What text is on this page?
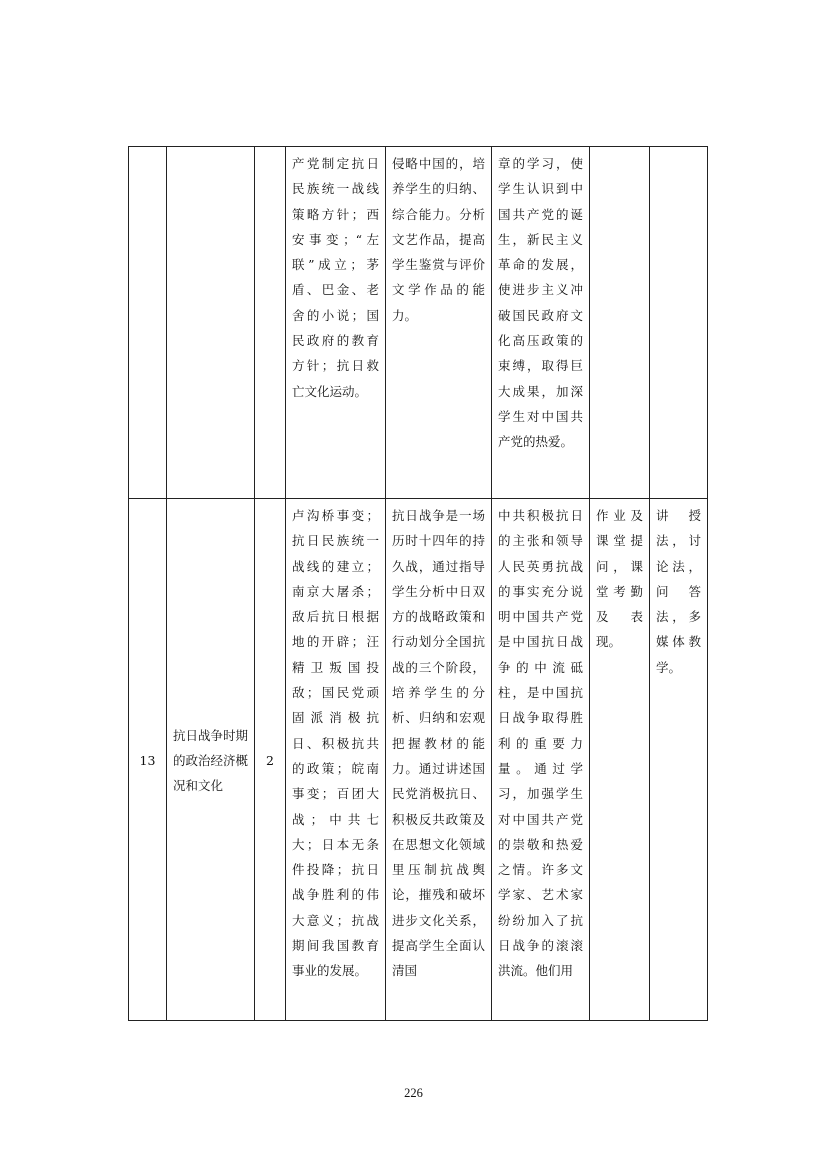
			产党制定抗日民族统一战线策略方针；西安事变；“左联”成立；茅盾、巴金、老舍的小说；国民政府的教育方针；抗日救亡文化运动。	侵略中国的，培养学生的归纳、综合能力。分析文艺作品，提高学生鉴赏与评价文学作品的能力。	章的学习，使学生认识到中国共产党的诞生，新民主义革命的发展，使进步主义冲破国民政府文化高压政策的束缚，取得巨大成果，加深学生对中国共产党的热爱。		
13	抗日战争时期的政治经济概况和文化	2	卢沟桥事变；抗日民族统一战线的建立；南京大屠杀；敌后抗日根据地的开辟；汪精卫叛国投敌；国民党顽固派消极抗日、积极抗共的政策；皖南事变；百团大战；中共七大；日本无条件投降；抗日战争胜利的伟大意义；抗战期间我国教育事业的发展。	抗日战争是一场历时十四年的持久战，通过指导学生分析中日双方的战略政策和行动划分全国抗战的三个阶段，培养学生的分析、归纳和宏观把握教材的能力。通过讲述国民党消极抗日、积极反共政策及在思想文化领域里压制抗战舆论，摧残和破坏进步文化关系，提高学生全面认清国	中共积极抗日的主张和领导人民英勇抗战的事实充分说明中国共产党是中国抗日战争的中流砥柱，是中国抗日战争取得胜利的重要力量。通过学习，加强学生对中国共产党的崇敬和热爱之情。许多文学家、艺术家纷纷加入了抗日战争的滚滚洪流。他们用	作业及课堂提问，课堂考勤及表现。	讲授法，讨论法，问答法，多媒体教学。
226
